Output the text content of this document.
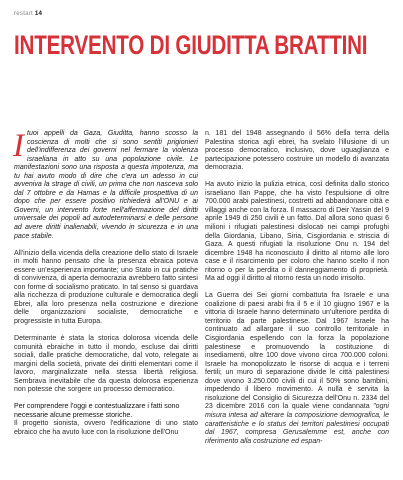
restart 14
INTERVENTO DI GIUDITTA BRATTINI

Ituoi appelli da Gaza, Giuditta, hanno scosso la coscienza di molti che si sono sentiti prigionieri dell'indifferenza dei governi nel fermare la violenza israeliana in atto su una popolazione civile. Le manifestazioni sono una risposta a questa impotenza, ma tu hai avuto modo di dire che c'era un adesso in cui avveniva la strage di civili, un prima che non nasceva solo dal 7 ottobre e da Hamas e la difficile prospettiva di un dopo che per essere positivo richiederà all'ONU e ai Governi, un intervento forte nell'affermazione del diritti universale dei popoli ad autodeterminarsi e delle persone ad avere diritti inalienabili, vivendo in sicurezza e in una pace stabile.

All'inizio della vicenda della creazione dello stato di Israele in molti hanno pensato che la presenza ebraica poteva essere un'esperienza importante; uno Stato in cui pratiche di convivenza, di aperta democrazia avrebbero fatto sintesi con forme di socialismo praticato. In tal senso si guardava alla ricchezza di produzione culturale e democratica degli Ebrei, alla loro presenza nella costruzione e direzione delle organizzazioni socialiste, democratiche e progressiste in tutta Europa.

Determinante è stata la storica dolorosa vicenda delle comunità ebraiche in tutto il mondo, escluse dai diritti sociali, dalle pratiche democratiche, dal voto, relegate ai margini della società, private dei diritti elementari come il lavoro, marginalizzate nella stessa libertà religiosa. Sembrava inevitabile che da questa dolorosa esperienza non potesse che sorgere un processo democratico.

Per comprendere l'oggi e contestualizzare i fatti sono
necessarie alcune premesse storiche.
Il progetto sionista, ovvero l'edificazione di uno stato ebraico che ha avuto luce con la risoluzione dell'Onu

n. 181 del 1948 assegnando il 56% della terra della Palestina storica agli ebrei, ha svelato l'illusione di un processo democratico, inclusivo, dove uguaglianza e partecipazione potessero costruire un modello di avanzata democrazia.

Ha avuto inizio la pulizia etnica, così definita dallo storico israeliano Ilan Pappe, che ha visto l'espulsione di oltre 700.000 arabi palestinesi, costretti ad abbandonare città e villaggi anche con la forza. Il massacro di Deir Yassin del 9 aprile 1949 di 250 civili è un fatto. Dal allora sono quasi 6 milioni i rifugiati palestinesi dislocati nei campi profughi della Giordania, Libano, Siria, Cisgiordania e striscia di Gaza. A questi rifugiati la risoluzione Onu n. 194 del dicembre 1948 ha riconosciuto il diritto al ritorno alle loro case e il risarcimento per coloro che hanno scelto il non ritorno o per la perdita o il danneggiamento di proprietà. Ma ad oggi il diritto al ritorno resta un nodo irrisolto.

La Guerra dei Sei giorni combattuta fra Israele e una coalizione di paesi arabi fra il 5 e il 10 giugno 1967 e la vittoria di Israele hanno determinato un'ulteriore perdita di territorio da parte palestinese. Dal 1967 Israele ha continuato ad allargare il suo controllo territoriale in Cisgiordania espellendo con la forza la popolazione palestinese e promuovendo la costituzione di insediamenti, oltre 100 dove vivono circa 700.000 coloni. Israele ha monopolizzato le risorse di acqua e i terreni fertili; un muro di separazione divide le città palestinesi dove vivono 3.250.000 civili di cui il 50% sono bambini, impedendo il libero movimento. A nulla è servita la risoluzione del Consiglio di Sicurezza dell'Onu n. 2334 del 23 dicembre 2016 con la quale viene condannata "ogni misura intesa ad alterare la composizione demografica, le caratteristiche e lo status dei territori palestinesi occupati dal 1967, compresa Gerusalemme est, anche con riferimento alla costruzione ed espan-
